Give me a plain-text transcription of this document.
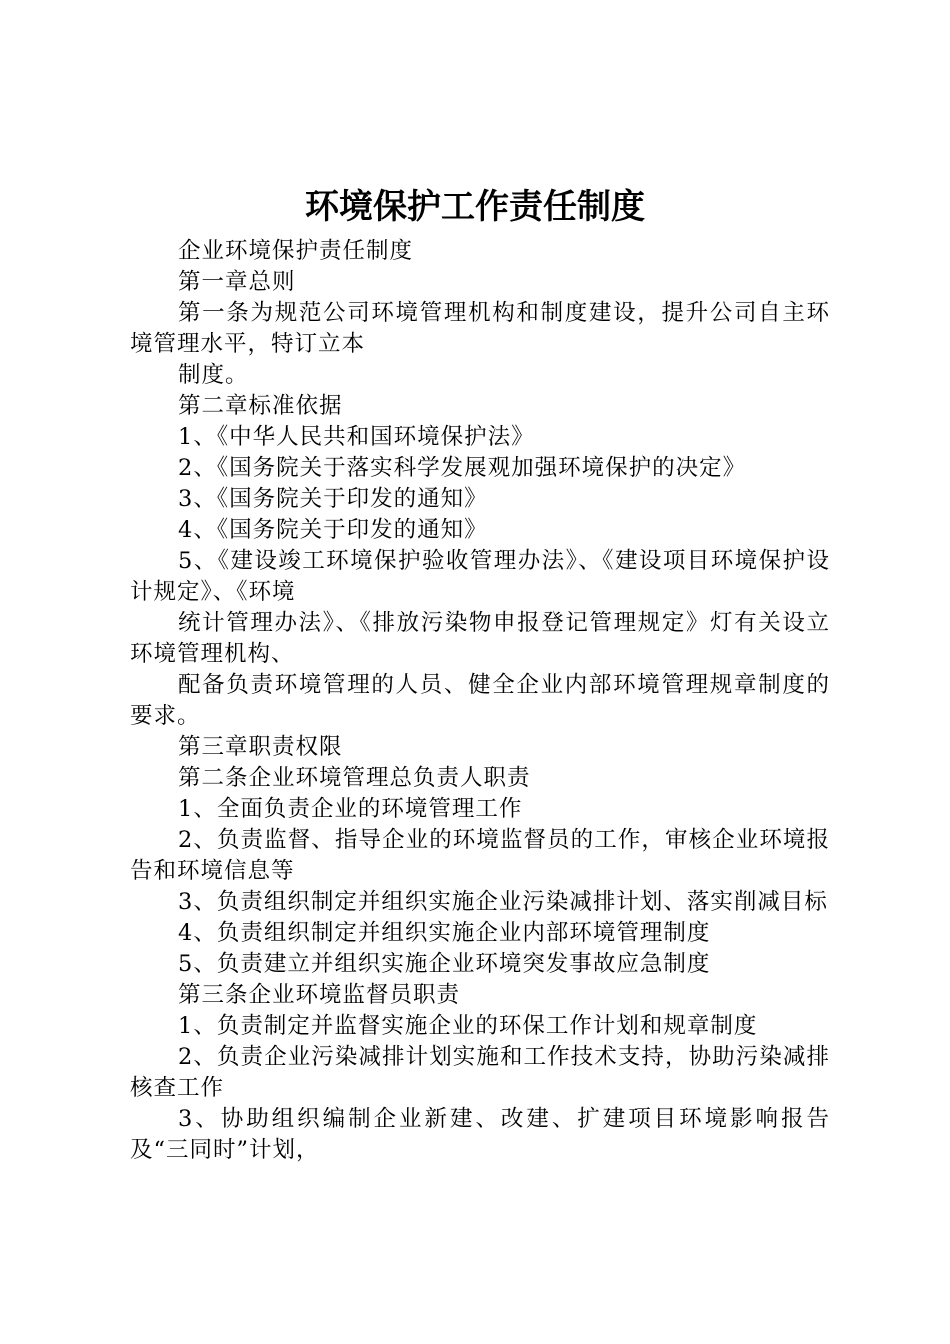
环境保护工作责任制度

企业环境保护责任制度

第一章总则

第一条为规范公司环境管理机构和制度建设，提升公司自主环境管理水平，特订立本

制度。

第二章标准依据

1、《中华人民共和国环境保护法》

2、《国务院关于落实科学发展观加强环境保护的决定》

3、《国务院关于印发的通知》

4、《国务院关于印发的通知》

5、《建设竣工环境保护验收管理办法》、《建设项目环境保护设计规定》、《环境

统计管理办法》、《排放污染物申报登记管理规定》灯有关设立环境管理机构、

配备负责环境管理的人员、健全企业内部环境管理规章制度的要求。

第三章职责权限

第二条企业环境管理总负责人职责

1、全面负责企业的环境管理工作

2、负责监督、指导企业的环境监督员的工作，审核企业环境报告和环境信息等

3、负责组织制定并组织实施企业污染减排计划、落实削减目标

4、负责组织制定并组织实施企业内部环境管理制度

5、负责建立并组织实施企业环境突发事故应急制度

第三条企业环境监督员职责

1、负责制定并监督实施企业的环保工作计划和规章制度

2、负责企业污染减排计划实施和工作技术支持，协助污染减排核查工作

3、协助组织编制企业新建、改建、扩建项目环境影响报告及“三同时”计划，
